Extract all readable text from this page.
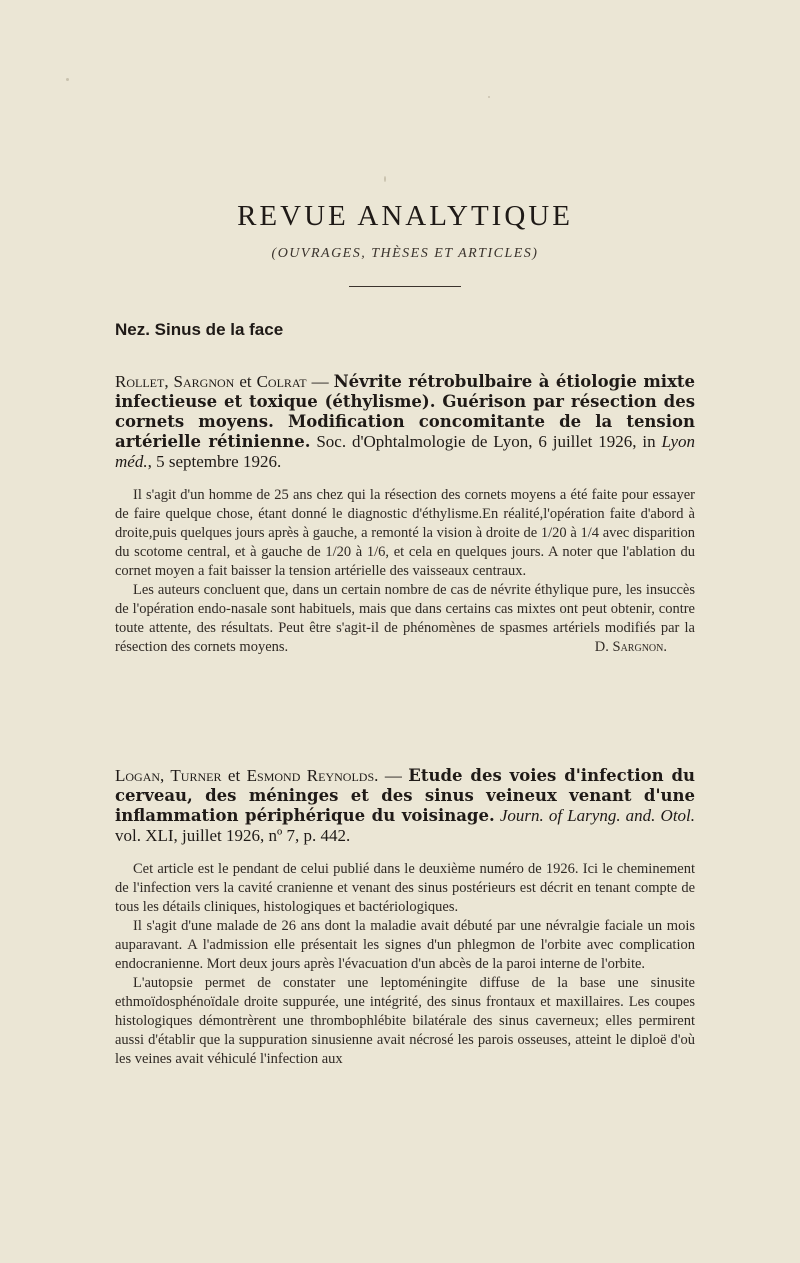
REVUE ANALYTIQUE
(OUVRAGES, THÈSES ET ARTICLES)
Nez. Sinus de la face

Rollet, Sargnon et Colrat — Névrite rétrobulbaire à étiologie mixte infectieuse et toxique (éthylisme). Guérison par résection des cornets moyens. Modification concomitante de la tension artérielle rétinienne. Soc. d'Ophtalmologie de Lyon, 6 juillet 1926, in Lyon méd., 5 septembre 1926.

Il s'agit d'un homme de 25 ans chez qui la résection des cornets moyens a été faite pour essayer de faire quelque chose, étant donné le diagnostic d'éthylisme.En réalité,l'opération faite d'abord à droite,puis quelques jours après à gauche, a remonté la vision à droite de 1/20 à 1/4 avec disparition du scotome central, et à gauche de 1/20 à 1/6, et cela en quelques jours. A noter que l'ablation du cornet moyen a fait baisser la tension artérielle des vaisseaux centraux.

Les auteurs concluent que, dans un certain nombre de cas de névrite éthylique pure, les insuccès de l'opération endo-nasale sont habituels, mais que dans certains cas mixtes ont peut obtenir, contre toute attente, des résultats. Peut être s'agit-il de phénomènes de spasmes artériels modifiés par la résection des cornets moyens.	D. Sargnon.

Logan, Turner et Esmond Reynolds. — Etude des voies d'infection du cerveau, des méninges et des sinus veineux venant d'une inflammation périphérique du voisinage. Journ. of Laryng. and. Otol. vol. XLI, juillet 1926, nº 7, p. 442.

Cet article est le pendant de celui publié dans le deuxième numéro de 1926. Ici le cheminement de l'infection vers la cavité cranienne et venant des sinus postérieurs est décrit en tenant compte de tous les détails cliniques, histologiques et bactériologiques.

Il s'agit d'une malade de 26 ans dont la maladie avait débuté par une névralgie faciale un mois auparavant. A l'admission elle présentait les signes d'un phlegmon de l'orbite avec complication endocranienne. Mort deux jours après l'évacuation d'un abcès de la paroi interne de l'orbite.

L'autopsie permet de constater une leptoméningite diffuse de la base une sinusite ethmoïdosphénoïdale droite suppurée, une intégrité, des sinus frontaux et maxillaires. Les coupes histologiques démontrèrent une thrombophlébite bilatérale des sinus caverneux; elles permirent aussi d'établir que la suppuration sinusienne avait nécrosé les parois osseuses, atteint le diploë d'où les veines avait véhiculé l'infection aux
